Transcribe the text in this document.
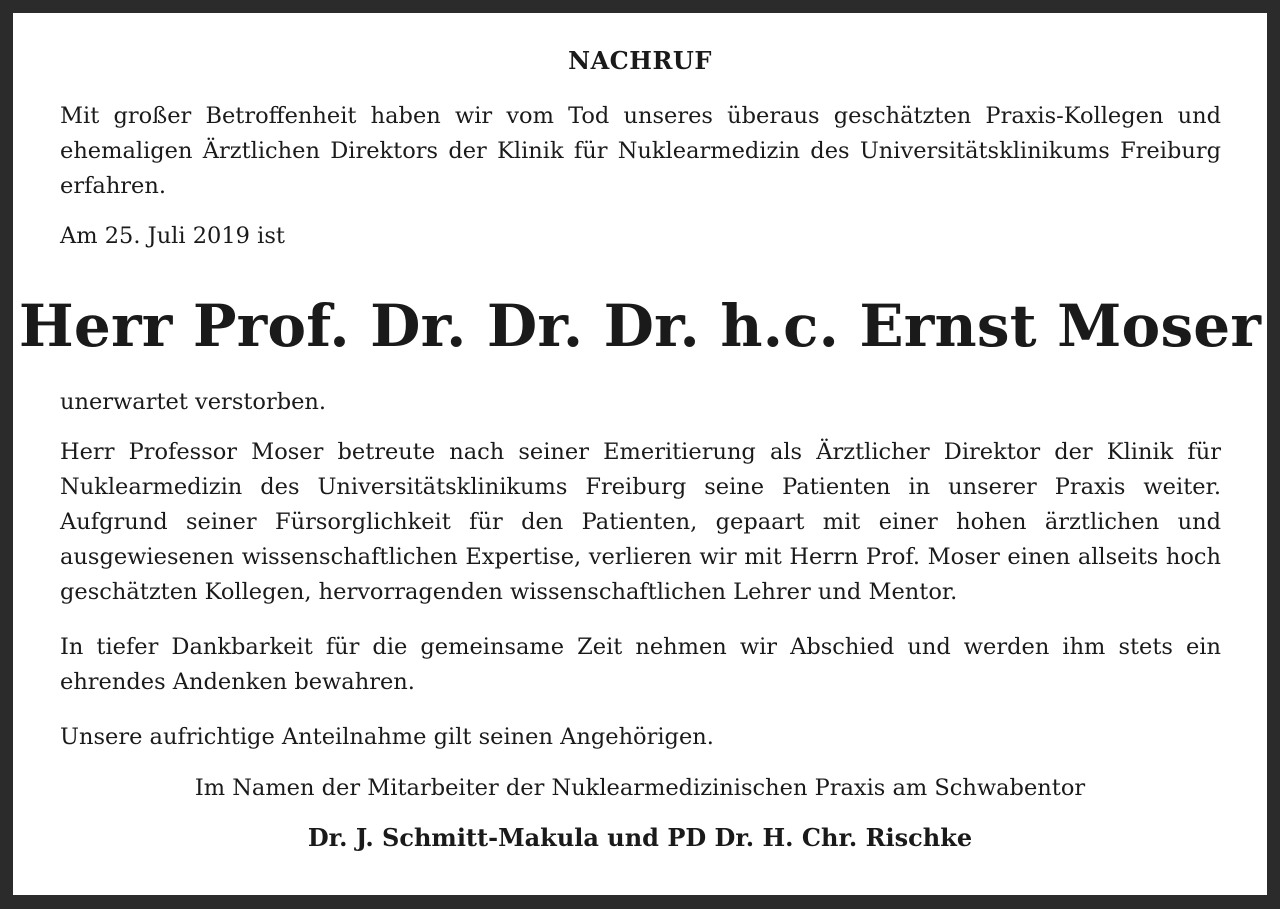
NACHRUF

Mit großer Betroffenheit haben wir vom Tod unseres überaus geschätzten Praxis-Kollegen und ehemaligen Ärztlichen Direktors der Klinik für Nuklearmedizin des Universitätsklinikums Freiburg erfahren.

Am 25. Juli 2019 ist

Herr Prof. Dr. Dr. Dr. h.c. Ernst Moser

unerwartet verstorben.

Herr Professor Moser betreute nach seiner Emeritierung als Ärztlicher Direktor der Klinik für Nuklearmedizin des Universitätsklinikums Freiburg seine Patienten in unserer Praxis weiter. Aufgrund seiner Fürsorglichkeit für den Patienten, gepaart mit einer hohen ärztlichen und ausgewiesenen wissenschaftlichen Expertise, verlieren wir mit Herrn Prof. Moser einen allseits hoch geschätzten Kollegen, hervorragenden wissenschaftlichen Lehrer und Mentor.

In tiefer Dankbarkeit für die gemeinsame Zeit nehmen wir Abschied und werden ihm stets ein ehrendes Andenken bewahren.

Unsere aufrichtige Anteilnahme gilt seinen Angehörigen.

Im Namen der Mitarbeiter der Nuklearmedizinischen Praxis am Schwabentor

Dr. J. Schmitt-Makula und PD Dr. H. Chr. Rischke
